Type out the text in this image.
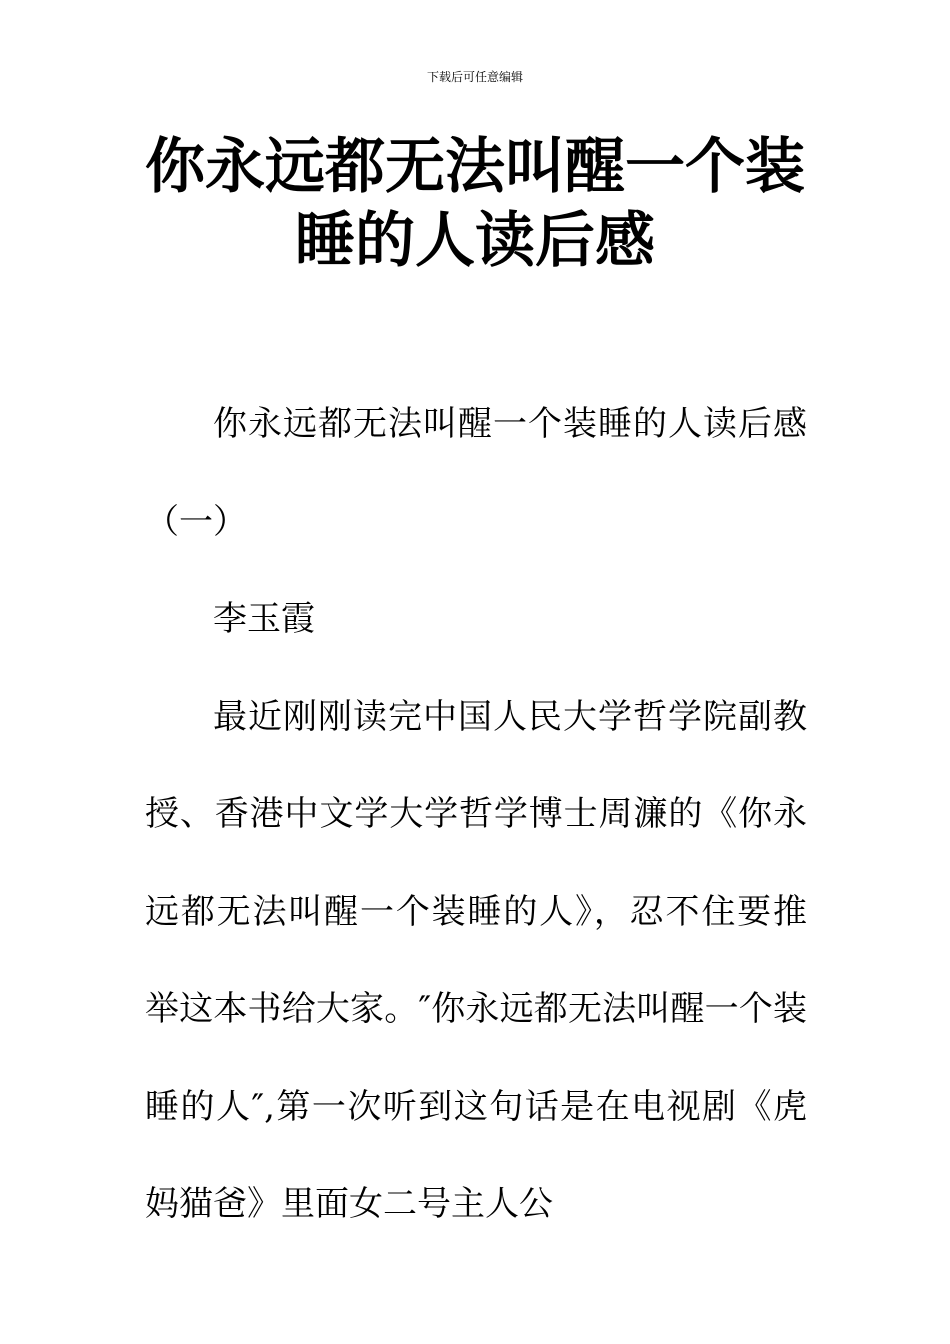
下载后可任意编辑
你永远都无法叫醒一个装睡的人读后感

你永远都无法叫醒一个装睡的人读后感（一）

李玉霞

最近刚刚读完中国人民大学哲学院副教授、香港中文学大学哲学博士周濂的《你永远都无法叫醒一个装睡的人》，忍不住要推举这本书给大家。″你永远都无法叫醒一个装睡的人″,第一次听到这句话是在电视剧《虎妈猫爸》里面女二号主人公
